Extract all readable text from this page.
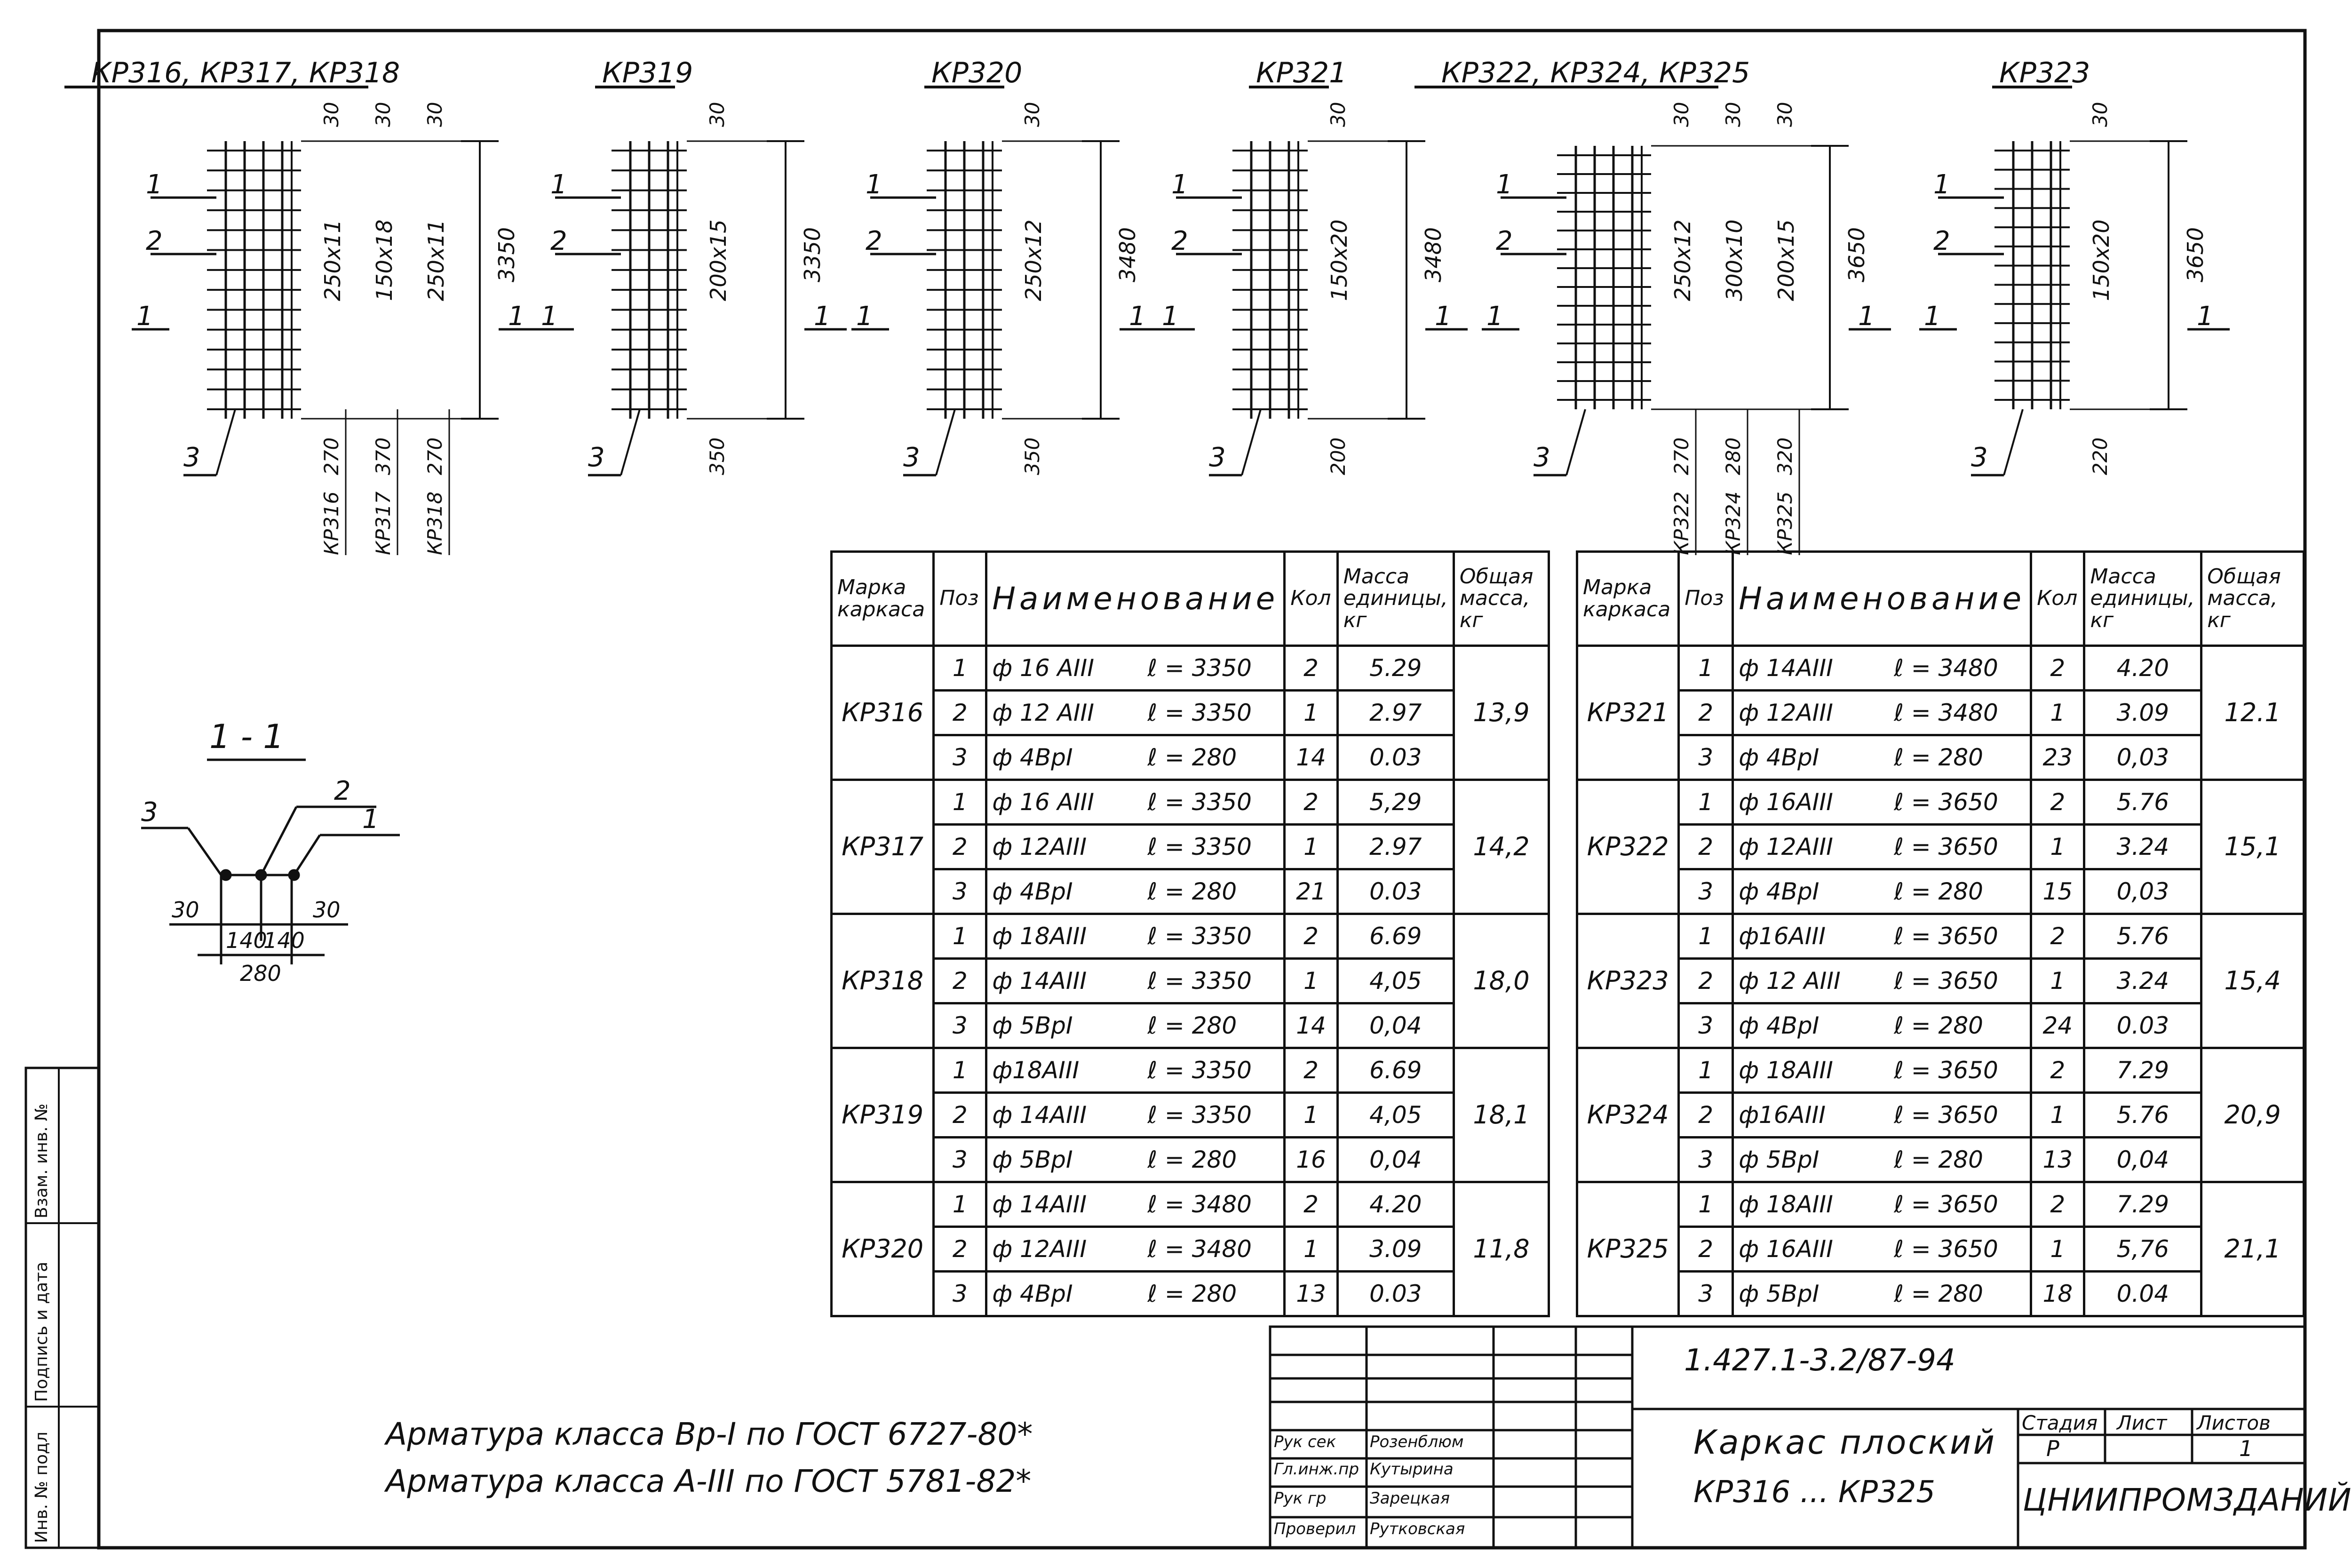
1 - 1
3
2
1
30	30
140
140
280
КР316, КР317, КР318
1
2
1
3
1
250х11 150х18 250х11 3350
30 30 30
270 370 270
КР316 КР317 КР318
КР319
1
2
1
3
1
200х15	3350
30
350
КР320
1
2
1
3
1
250х12	3480
30
350
КР321
1
2
1
3
1
150х20	3480
30
200
КР322, КР324, КР325
1
2
1
3
1
250х12 300х10 200х15 3650
30 30 30
270 280 320
КР322 КР324 КР325
КР323
1
2
1
3
1
150х20	3650
30
220
Марка каркаса	Поз	Наименование	Кол	Масса единицы, кг	Общая масса, кг
КР316	1	ф 16 АIII ℓ = 3350	2	5.29	13,9
	2	ф 12 АIII ℓ = 3350	1	2.97	
	3	ф 4ВрI ℓ = 280	14	0.03	
КР317	1	ф 16 АIII ℓ = 3350	2	5,29	14,2
	2	ф 12АIII ℓ = 3350	1	2.97	
	3	ф 4ВрI ℓ = 280	21	0.03	
КР318	1	ф 18АIII ℓ = 3350	2	6.69	18,0
	2	ф 14АIII ℓ = 3350	1	4,05	
	3	ф 5ВрI ℓ = 280	14	0,04	
КР319	1	ф18АIII ℓ = 3350	2	6.69	18,1
	2	ф 14АIII ℓ = 3350	1	4,05	
	3	ф 5ВрI ℓ = 280	16	0,04	
КР320	1	ф 14АIII ℓ = 3480	2	4.20	11,8
	2	ф 12АIII ℓ = 3480	1	3.09	
	3	ф 4ВрI ℓ = 280	13	0.03	
Марка каркаса	Поз	Наименование	Кол	Масса единицы, кг	Общая масса, кг
КР321	1	ф 14АIII ℓ = 3480	2	4.20	12.1
	2	ф 12АIII ℓ = 3480	1	3.09	
	3	ф 4ВрI ℓ = 280	23	0,03	
КР322	1	ф 16АIII ℓ = 3650	2	5.76	15,1
	2	ф 12АIII ℓ = 3650	1	3.24	
	3	ф 4ВрI ℓ = 280	15	0,03	
КР323	1	ф16АIII ℓ = 3650	2	5.76	15,4
	2	ф 12 АIII ℓ = 3650	1	3.24	
	3	ф 4ВрI ℓ = 280	24	0.03	
КР324	1	ф 18АIII ℓ = 3650	2	7.29	20,9
	2	ф16АIII ℓ = 3650	1	5.76	
	3	ф 5ВрI ℓ = 280	13	0,04	
КР325	1	ф 18АIII ℓ = 3650	2	7.29	21,1
	2	ф 16АIII ℓ = 3650	1	5,76	
	3	ф 5ВрI ℓ = 280	18	0.04	
Арматура класса Вр-I по ГОСТ 6727-80*
Арматура класса А-III по ГОСТ 5781-82*
1.427.1-3.2/87-94
Каркас плоский
КР316 ... КР325
Стадия Лист Листов
Р	1
ЦНИИПРОМЗДАНИЙ
Рук сек Розенблюм
Гл.инж.пр Кутырина
Рук гр	Зарецкая
Проверил Рутковская
Инв. № подл
Подпись и дата
Взам. инв. №
